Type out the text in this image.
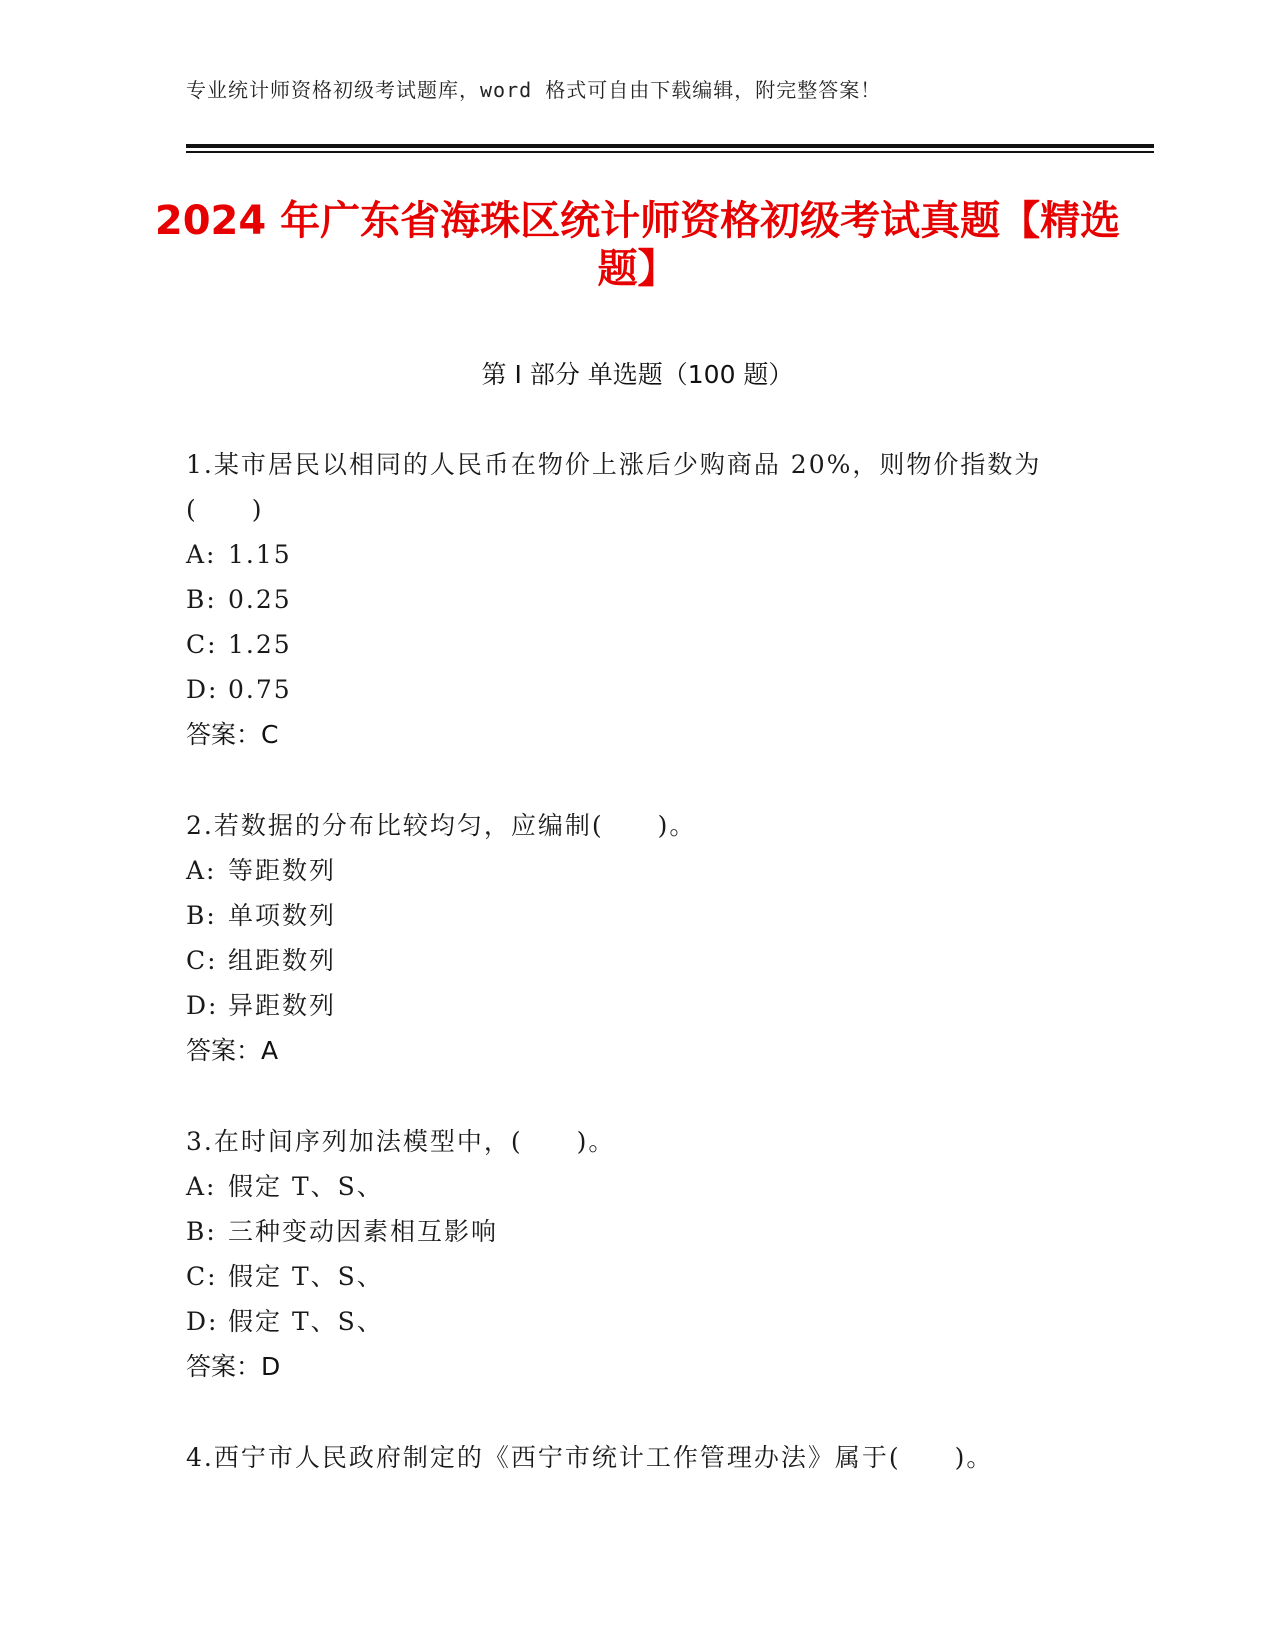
专业统计师资格初级考试题库，word 格式可自由下载编辑，附完整答案！
2024 年广东省海珠区统计师资格初级考试真题【精选题】
第 I 部分 单选题（100 题）

1.某市居民以相同的人民币在物价上涨后少购商品 20%，则物价指数为(　　)

A: 1.15

B: 0.25

C: 1.25

D: 0.75

答案：C

2.若数据的分布比较均匀，应编制(　　)。

A: 等距数列

B: 单项数列

C: 组距数列

D: 异距数列

答案：A

3.在时间序列加法模型中，(　　)。

A: 假定 T、S、

B: 三种变动因素相互影响

C: 假定 T、S、

D: 假定 T、S、

答案：D

4.西宁市人民政府制定的《西宁市统计工作管理办法》属于(　　)。
